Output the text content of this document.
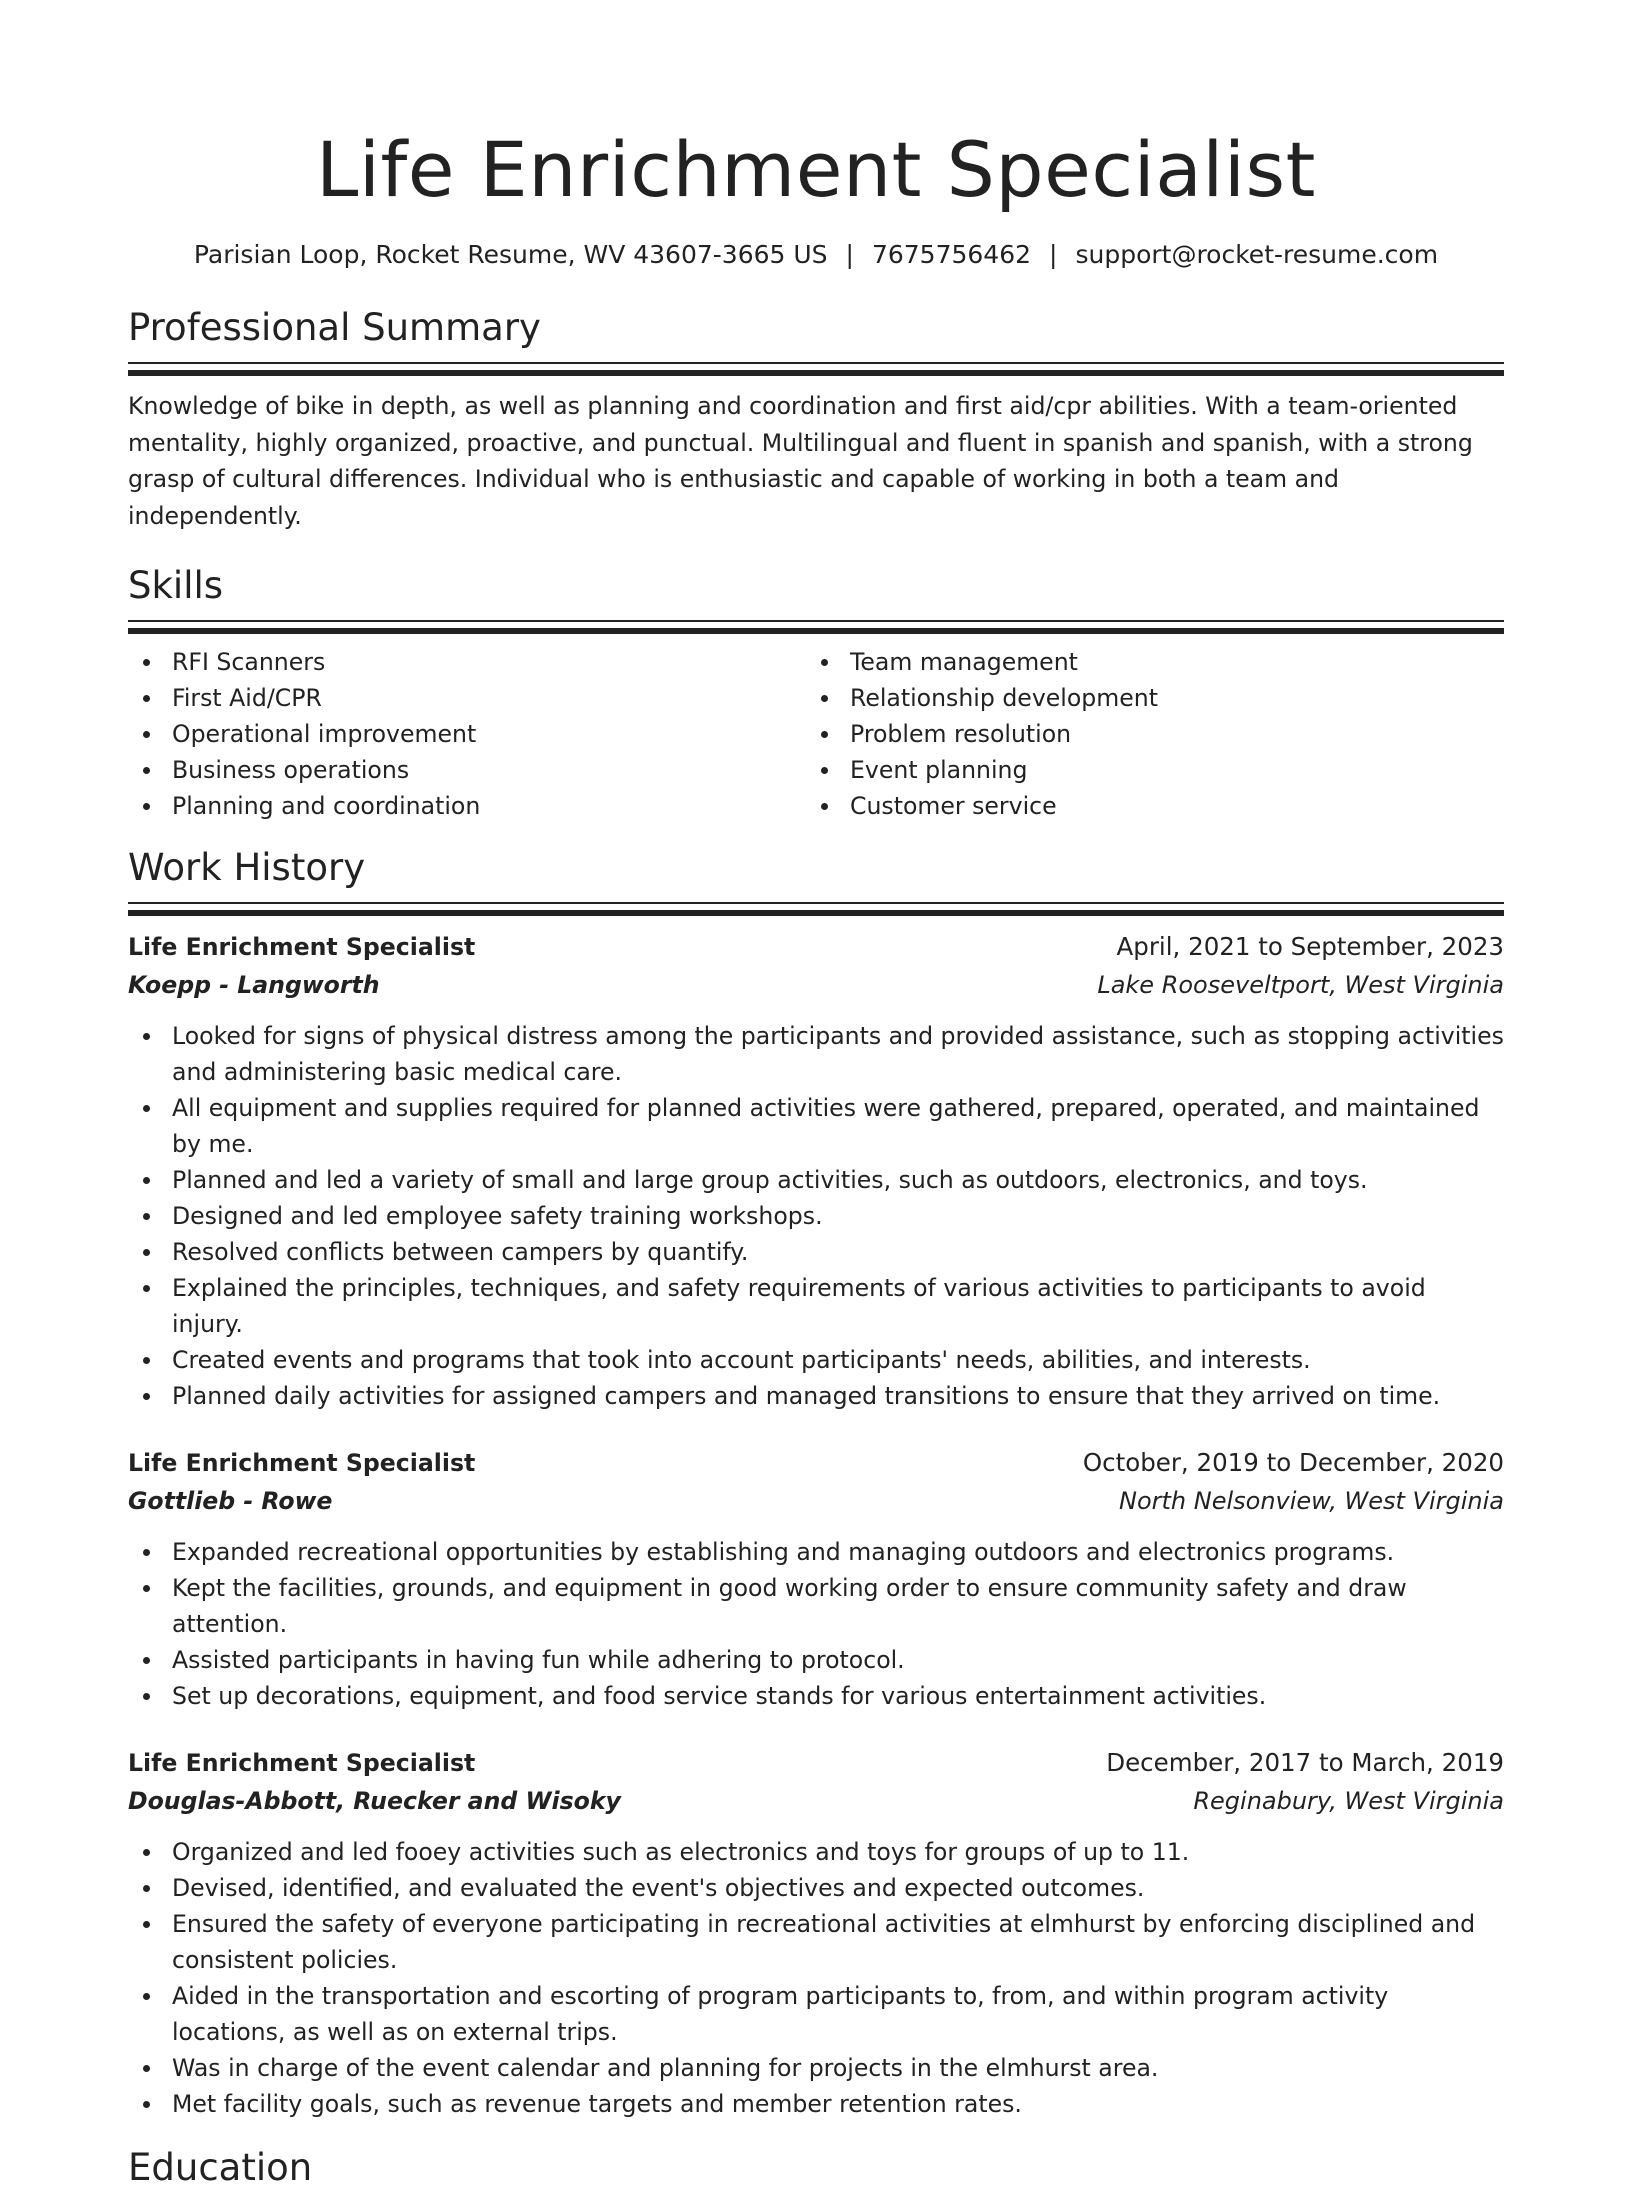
Life Enrichment Specialist
Parisian Loop, Rocket Resume, WV 43607-3665 US | 7675756462 | support@rocket-resume.com
Professional Summary

Knowledge of bike in depth, as well as planning and coordination and first aid/cpr abilities. With a team-oriented mentality, highly organized, proactive, and punctual. Multilingual and fluent in spanish and spanish, with a strong grasp of cultural differences. Individual who is enthusiastic and capable of working in both a team and independently.

Skills
RFI Scanners
First Aid/CPR
Operational improvement
Business operations
Planning and coordination
Team management
Relationship development
Problem resolution
Event planning
Customer service
Work History
Life Enrichment Specialist	April, 2021 to September, 2023
Koepp - Langworth	Lake Rooseveltport, West Virginia
Looked for signs of physical distress among the participants and provided assistance, such as stopping activities and administering basic medical care.
All equipment and supplies required for planned activities were gathered, prepared, operated, and maintained by me.
Planned and led a variety of small and large group activities, such as outdoors, electronics, and toys.
Designed and led employee safety training workshops.
Resolved conflicts between campers by quantify.
Explained the principles, techniques, and safety requirements of various activities to participants to avoid injury.
Created events and programs that took into account participants' needs, abilities, and interests.
Planned daily activities for assigned campers and managed transitions to ensure that they arrived on time.
Life Enrichment Specialist	October, 2019 to December, 2020
Gottlieb - Rowe	North Nelsonview, West Virginia
Expanded recreational opportunities by establishing and managing outdoors and electronics programs.
Kept the facilities, grounds, and equipment in good working order to ensure community safety and draw attention.
Assisted participants in having fun while adhering to protocol.
Set up decorations, equipment, and food service stands for various entertainment activities.
Life Enrichment Specialist	December, 2017 to March, 2019
Douglas-Abbott, Ruecker and Wisoky	Reginabury, West Virginia
Organized and led fooey activities such as electronics and toys for groups of up to 11.
Devised, identified, and evaluated the event's objectives and expected outcomes.
Ensured the safety of everyone participating in recreational activities at elmhurst by enforcing disciplined and consistent policies.
Aided in the transportation and escorting of program participants to, from, and within program activity locations, as well as on external trips.
Was in charge of the event calendar and planning for projects in the elmhurst area.
Met facility goals, such as revenue targets and member retention rates.
Education
